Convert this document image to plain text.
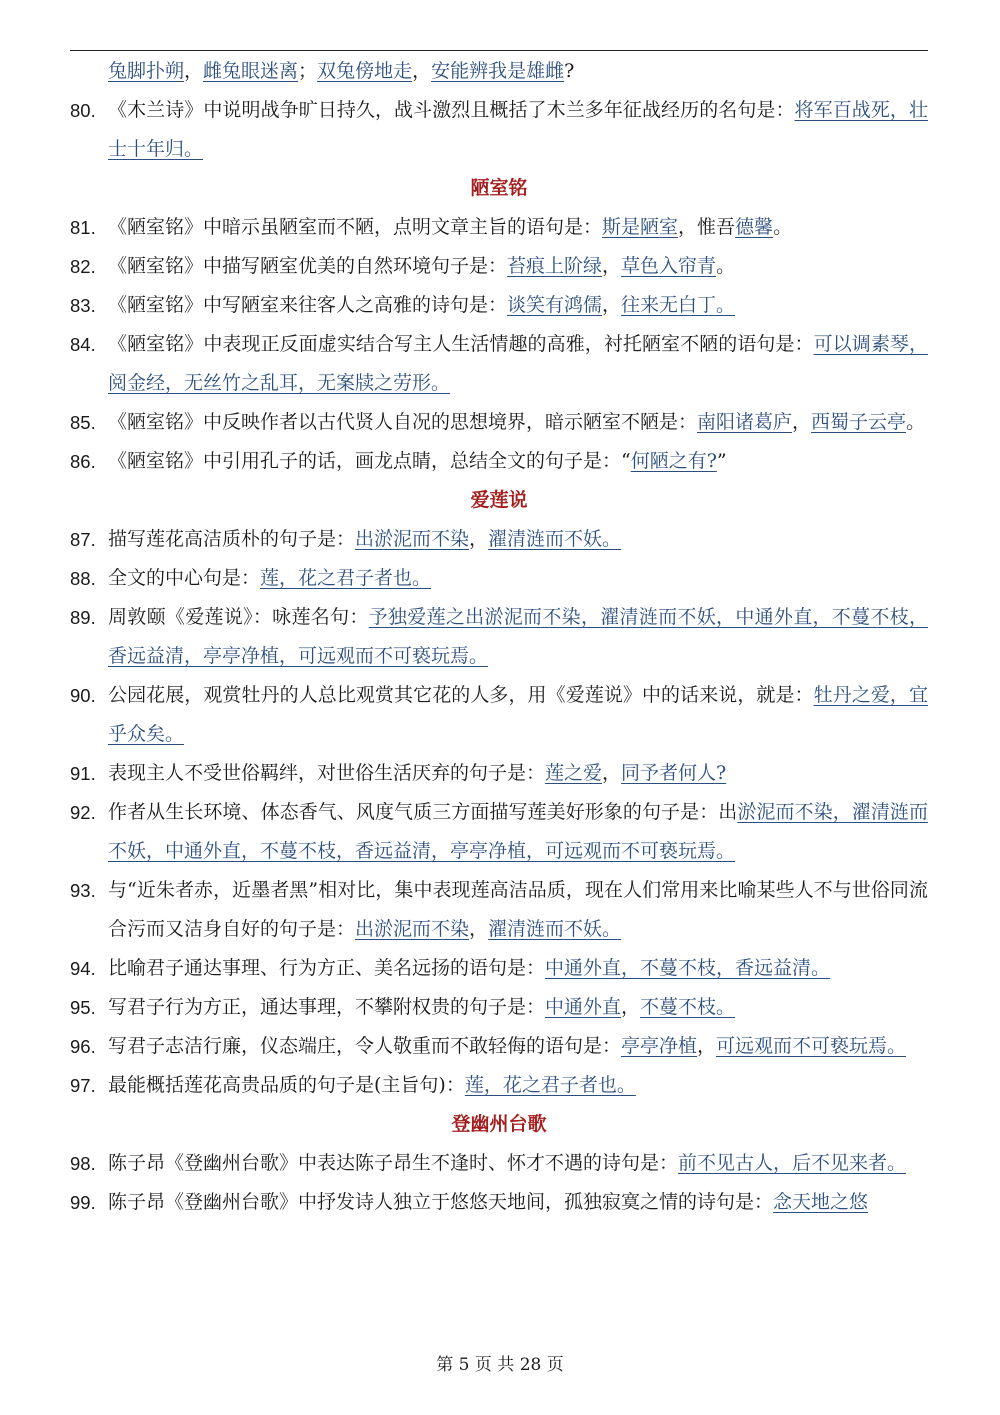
兔脚扑朔，雌兔眼迷离；双兔傍地走，安能辨我是雄雌?
80. 《木兰诗》中说明战争旷日持久，战斗激烈且概括了木兰多年征战经历的名句是：将军百战死，壮士十年归。
陋室铭
81. 《陋室铭》中暗示虽陋室而不陋，点明文章主旨的语句是：斯是陋室，惟吾德馨。
82. 《陋室铭》中描写陋室优美的自然环境句子是：苔痕上阶绿，草色入帘青。
83. 《陋室铭》中写陋室来往客人之高雅的诗句是：谈笑有鸿儒，往来无白丁。
84. 《陋室铭》中表现正反面虚实结合写主人生活情趣的高雅，衬托陋室不陋的语句是：可以调素琴，阅金经，无丝竹之乱耳，无案牍之劳形。
85. 《陋室铭》中反映作者以古代贤人自况的思想境界，暗示陋室不陋是：南阳诸葛庐，西蜀子云亭。
86. 《陋室铭》中引用孔子的话，画龙点睛，总结全文的句子是：“何陋之有?”
爱莲说
87. 描写莲花高洁质朴的句子是：出淤泥而不染，濯清涟而不妖。
88. 全文的中心句是：莲，花之君子者也。
89. 周敦颐《爱莲说》：咏莲名句：予独爱莲之出淤泥而不染，濯清涟而不妖，中通外直，不蔓不枝，香远益清，亭亭净植，可远观而不可亵玩焉。
90. 公园花展，观赏牡丹的人总比观赏其它花的人多，用《爱莲说》中的话来说，就是：牡丹之爱，宜乎众矣。
91. 表现主人不受世俗羁绊，对世俗生活厌弃的句子是：莲之爱，同予者何人?
92. 作者从生长环境、体态香气、风度气质三方面描写莲美好形象的句子是：出淤泥而不染，濯清涟而不妖，中通外直，不蔓不枝，香远益清，亭亭净植，可远观而不可亵玩焉。
93. 与“近朱者赤，近墨者黑”相对比，集中表现莲高洁品质，现在人们常用来比喻某些人不与世俗同流合污而又洁身自好的句子是：出淤泥而不染，濯清涟而不妖。
94. 比喻君子通达事理、行为方正、美名远扬的语句是：中通外直，不蔓不枝，香远益清。
95. 写君子行为方正，通达事理，不攀附权贵的句子是：中通外直，不蔓不枝。
96. 写君子志洁行廉，仪态端庄，令人敬重而不敢轻侮的语句是：亭亭净植，可远观而不可亵玩焉。
97. 最能概括莲花高贵品质的句子是(主旨句)：莲，花之君子者也。
登幽州台歌
98. 陈子昂《登幽州台歌》中表达陈子昂生不逢时、怀才不遇的诗句是：前不见古人，后不见来者。
99. 陈子昂《登幽州台歌》中抒发诗人独立于悠悠天地间，孤独寂寞之情的诗句是：念天地之悠
第 5 页 共 28 页
